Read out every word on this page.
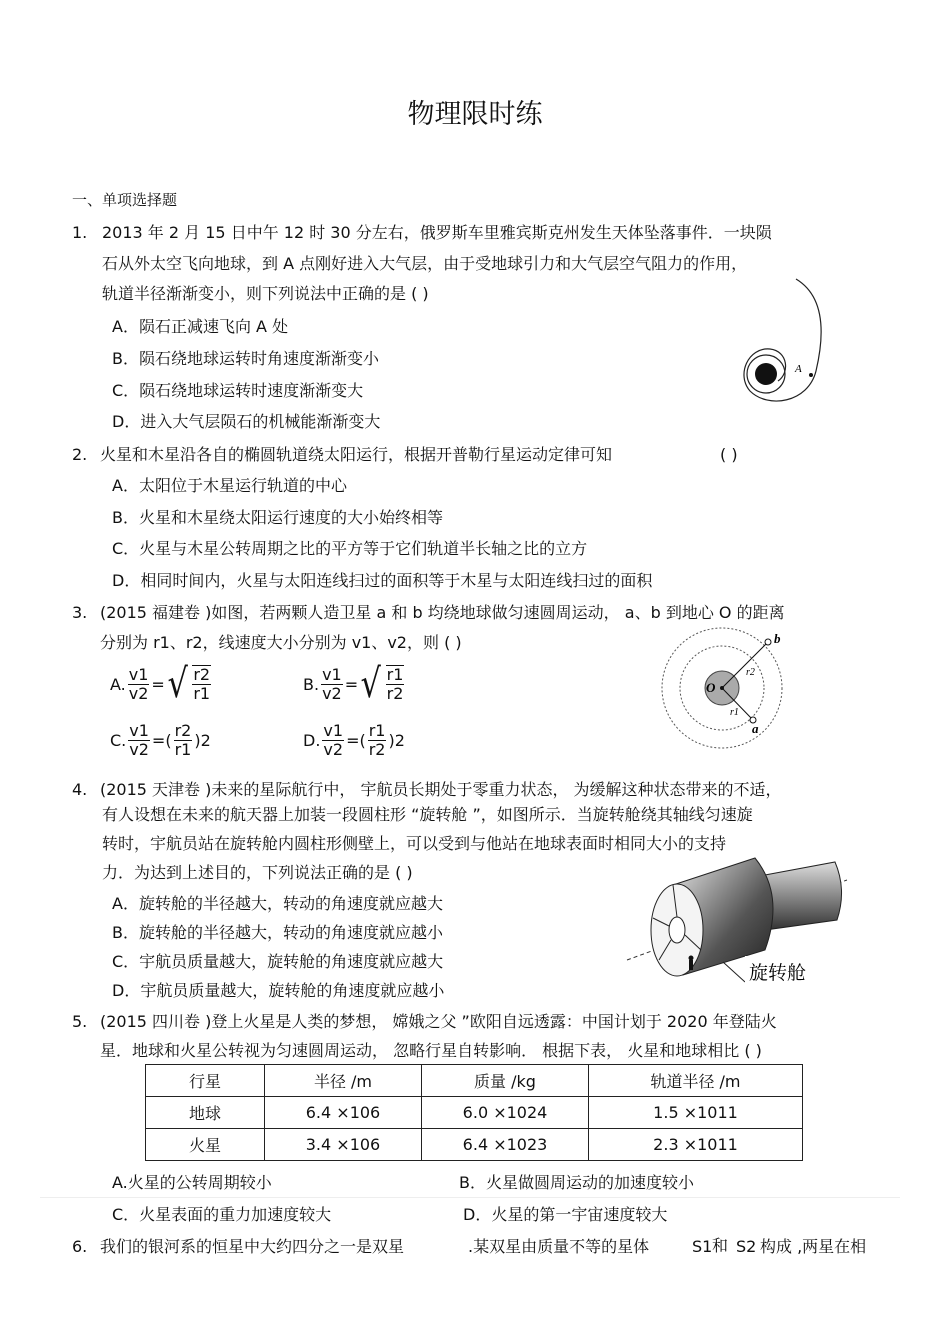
物理限时练
一、单项选择题
1. 2013 年 2 月 15 日中午 12 时 30 分左右，俄罗斯车里雅宾斯克州发生天体坠落事件．一块陨
石从外太空飞向地球，到 A 点刚好进入大气层，由于受地球引力和大气层空气阻力的作用，
轨道半径渐渐变小，则下列说法中正确的是 ( )
A．陨石正减速飞向 A 处
B．陨石绕地球运转时角速度渐渐变小
C．陨石绕地球运转时速度渐渐变大
D．进入大气层陨石的机械能渐渐变大
A
2. 火星和木星沿各自的椭圆轨道绕太阳运行，根据开普勒行星运动定律可知	( )
A．太阳位于木星运行轨道的中心
B．火星和木星绕太阳运行速度的大小始终相等
C．火星与木星公转周期之比的平方等于它们轨道半长轴之比的立方
D．相同时间内，火星与太阳连线扫过的面积等于木星与太阳连线扫过的面积
3. (2015 福建卷 )如图，若两颗人造卫星 a 和 b 均绕地球做匀速圆周运动， a、b 到地心 O 的距离
分别为 r1、r2，线速度大小分别为 v1、v2，则 ( )
A. $\frac{v1}{v2}$ = √ $\frac{r2}{r1}$	B. $\frac{v1}{v2}$ = √ $\frac{r1}{r2}$
C. $\frac{v1}{v2}$ = ( $\frac{r2}{r1} )2$	D. $\frac{v1}{v2}$ = ( $\frac{r1}{r2} )2$
O
b
a
r2
r1
4. (2015 天津卷 )未来的星际航行中， 宇航员长期处于零重力状态， 为缓解这种状态带来的不适，
有人设想在未来的航天器上加装一段圆柱形 “旋转舱 ”，如图所示．当旋转舱绕其轴线匀速旋
转时，宇航员站在旋转舱内圆柱形侧壁上，可以受到与他站在地球表面时相同大小的支持
力．为达到上述目的，下列说法正确的是 ( )
A．旋转舱的半径越大，转动的角速度就应越大
B．旋转舱的半径越大，转动的角速度就应越小
C．宇航员质量越大，旋转舱的角速度就应越大
D．宇航员质量越大，旋转舱的角速度就应越小
旋转舱
5. (2015 四川卷 )登上火星是人类的梦想， 嫦娥之父 ”欧阳自远透露：中国计划于 2020 年登陆火
星．地球和火星公转视为匀速圆周运动， 忽略行星自转影响． 根据下表， 火星和地球相比 ( )
行星	半径 /m	质量 /kg	轨道半径 /m
地球	6.4 ×106	6.0 ×1024	1.5 ×1011
火星	3.4 ×106	6.4 ×1023	2.3 ×1011
A.火星的公转周期较小	B．火星做圆周运动的加速度较小
C．火星表面的重力加速度较大	D．火星的第一宇宙速度较大
6. 我们的银河系的恒星中大约四分之一是双星	.某双星由质量不等的星体	S1 和 S2 构成 ,两星在相
